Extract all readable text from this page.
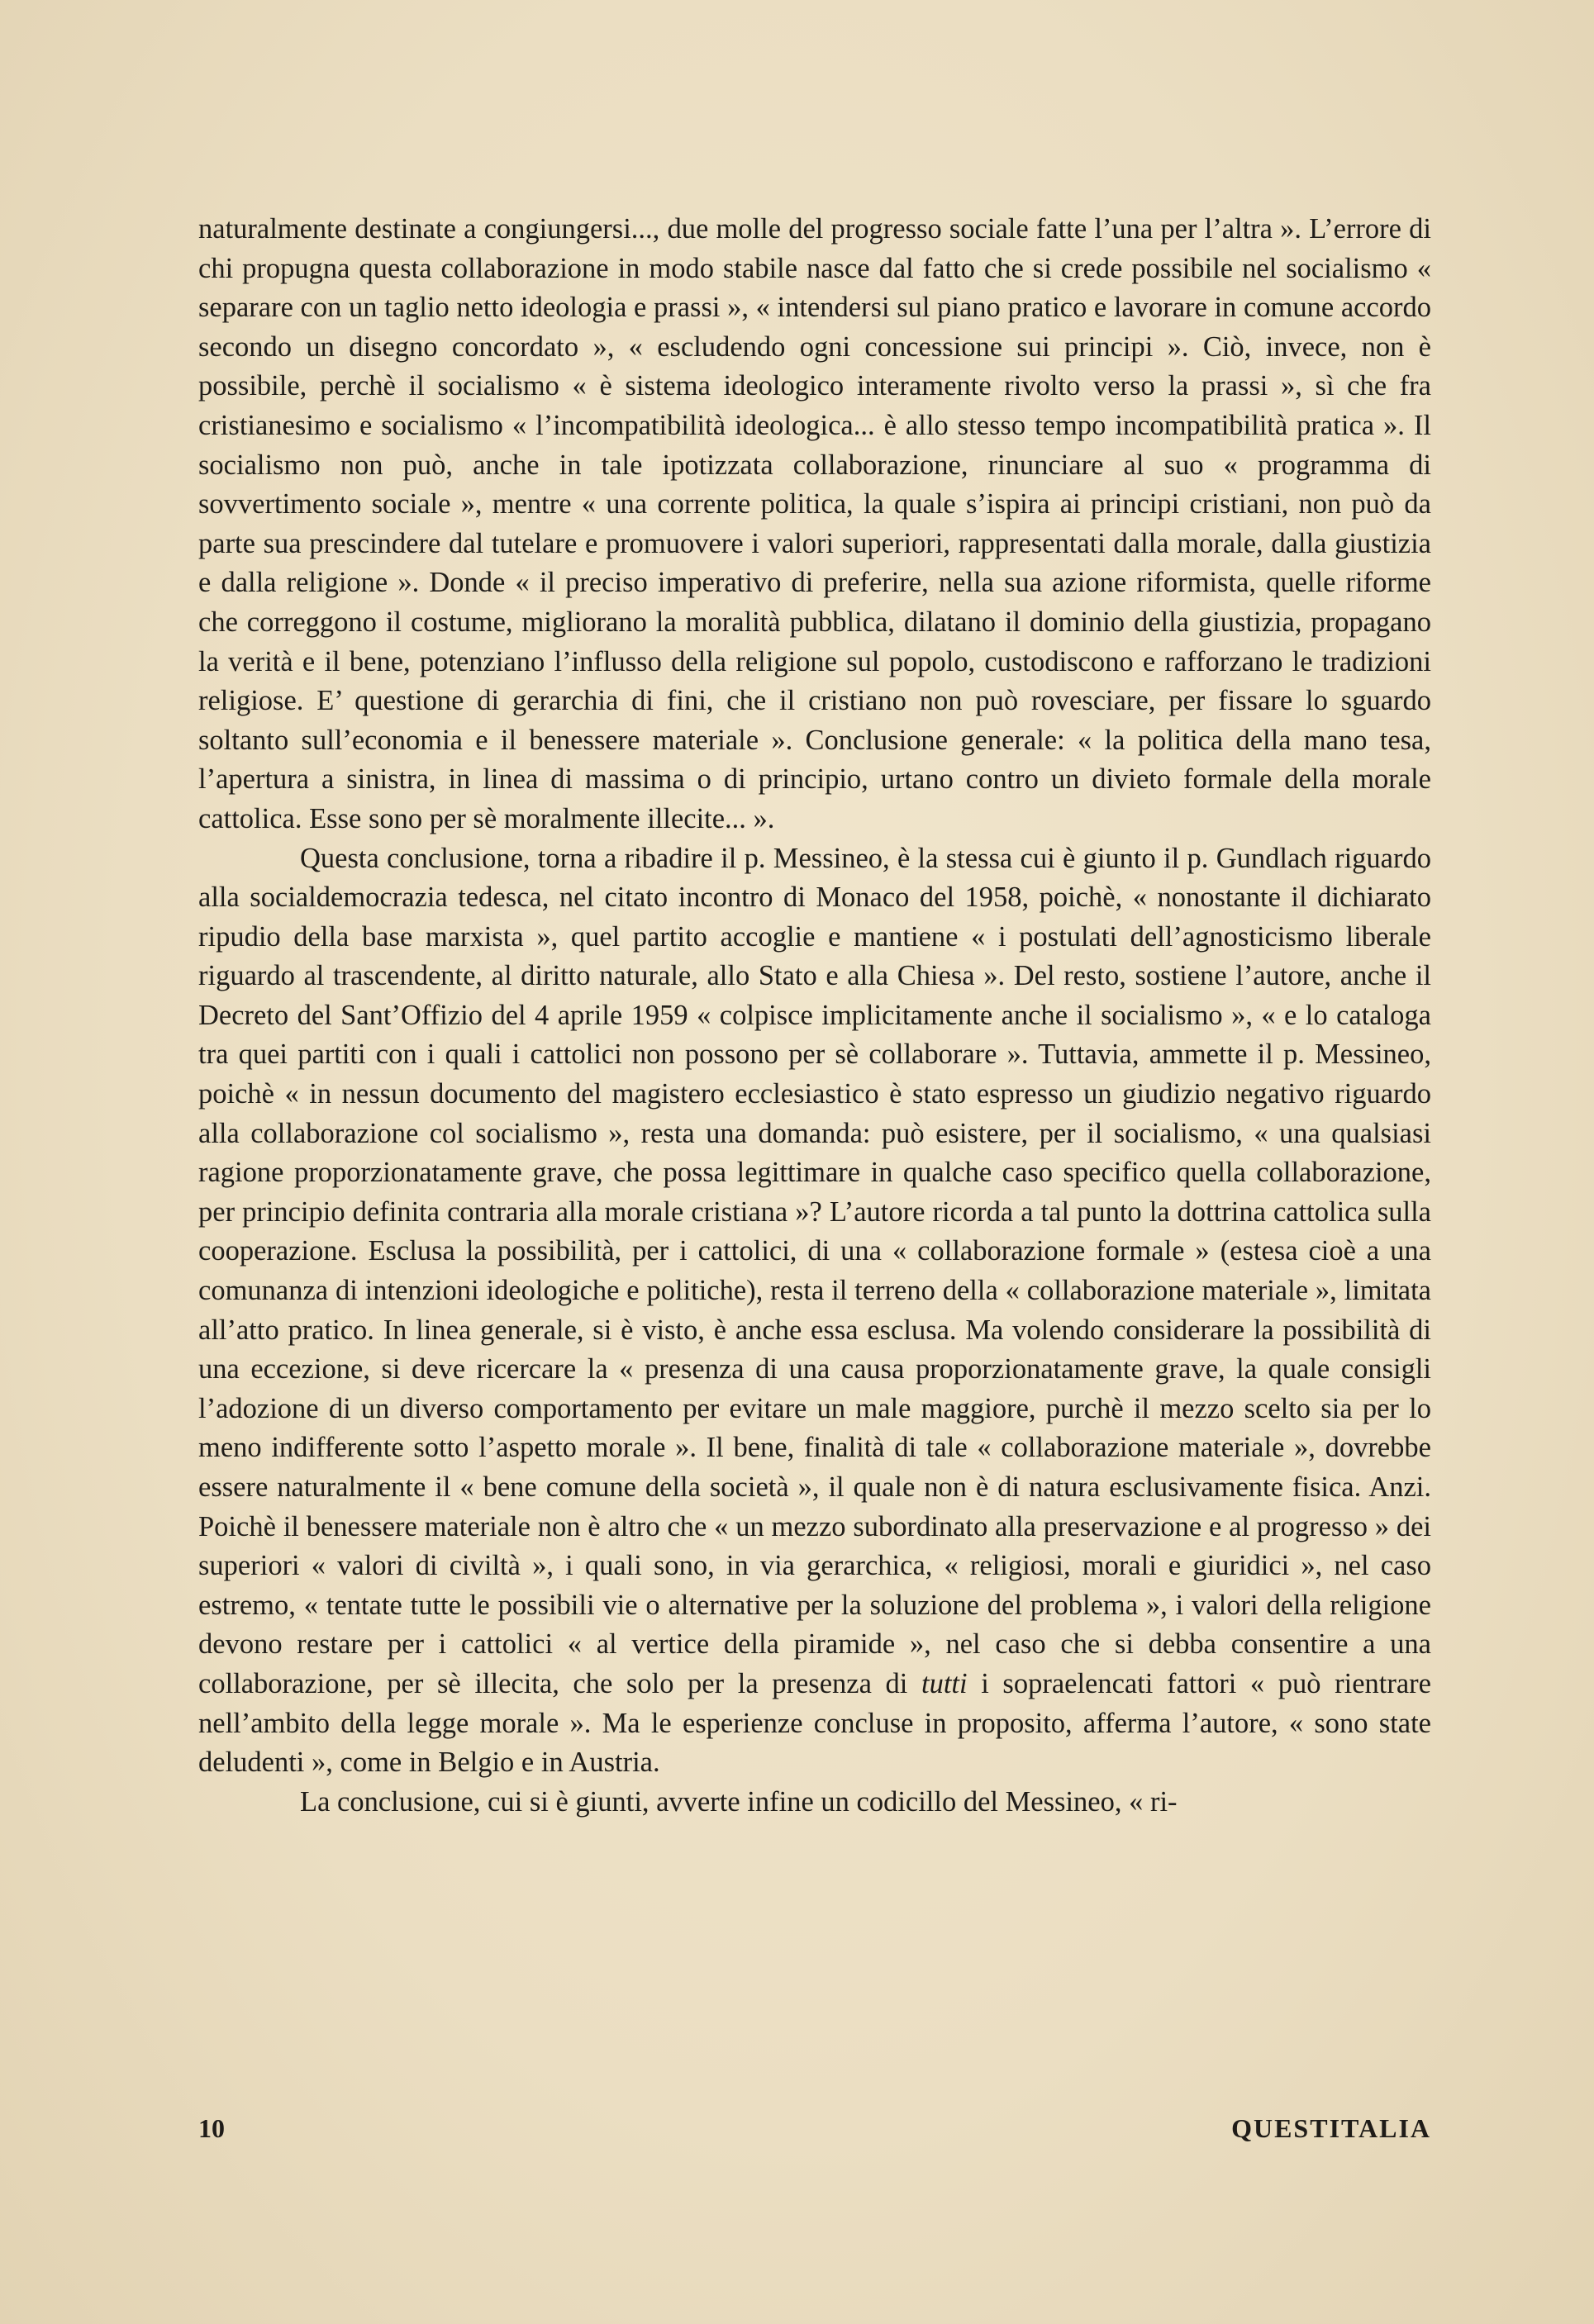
naturalmente destinate a congiungersi..., due molle del progresso sociale fatte l’una per l’altra ». L’errore di chi propugna questa collaborazione in modo stabile nasce dal fatto che si crede possibile nel socialismo « separare con un taglio netto ideologia e prassi », « intendersi sul piano pratico e lavorare in comune accordo secondo un disegno concordato », « escludendo ogni concessione sui principi ». Ciò, invece, non è possibile, perchè il socialismo « è sistema ideologico interamente rivolto verso la prassi », sì che fra cristianesimo e socialismo « l’incompatibilità ideologica... è allo stesso tempo incompatibilità pratica ». Il socialismo non può, anche in tale ipotizzata collaborazione, rinunciare al suo « programma di sovvertimento sociale », mentre « una corrente politica, la quale s’ispira ai principi cristiani, non può da parte sua prescindere dal tutelare e promuovere i valori superiori, rappresentati dalla morale, dalla giustizia e dalla religione ». Donde « il preciso imperativo di preferire, nella sua azione riformista, quelle riforme che correggono il costume, migliorano la moralità pubblica, dilatano il dominio della giustizia, propagano la verità e il bene, potenziano l’influsso della religione sul popolo, custodiscono e rafforzano le tradizioni religiose. E’ questione di gerarchia di fini, che il cristiano non può rovesciare, per fissare lo sguardo soltanto sull’economia e il benessere materiale ». Conclusione generale: « la politica della mano tesa, l’apertura a sinistra, in linea di massima o di principio, urtano contro un divieto formale della morale cattolica. Esse sono per sè moralmente illecite... ».

Questa conclusione, torna a ribadire il p. Messineo, è la stessa cui è giunto il p. Gundlach riguardo alla socialdemocrazia tedesca, nel citato incontro di Monaco del 1958, poichè, « nonostante il dichiarato ripudio della base marxista », quel partito accoglie e mantiene « i postulati dell’agnosticismo liberale riguardo al trascendente, al diritto naturale, allo Stato e alla Chiesa ». Del resto, sostiene l’autore, anche il Decreto del Sant’Offizio del 4 aprile 1959 « colpisce implicitamente anche il socialismo », « e lo cataloga tra quei partiti con i quali i cattolici non possono per sè collaborare ». Tuttavia, ammette il p. Messineo, poichè « in nessun documento del magistero ecclesiastico è stato espresso un giudizio negativo riguardo alla collaborazione col socialismo », resta una domanda: può esistere, per il socialismo, « una qualsiasi ragione proporzionatamente grave, che possa legittimare in qualche caso specifico quella collaborazione, per principio definita contraria alla morale cristiana »? L’autore ricorda a tal punto la dottrina cattolica sulla cooperazione. Esclusa la possibilità, per i cattolici, di una « collaborazione formale » (estesa cioè a una comunanza di intenzioni ideologiche e politiche), resta il terreno della « collaborazione materiale », limitata all’atto pratico. In linea generale, si è visto, è anche essa esclusa. Ma volendo considerare la possibilità di una eccezione, si deve ricercare la « presenza di una causa proporzionatamente grave, la quale consigli l’adozione di un diverso comportamento per evitare un male maggiore, purchè il mezzo scelto sia per lo meno indifferente sotto l’aspetto morale ». Il bene, finalità di tale « collaborazione materiale », dovrebbe essere naturalmente il « bene comune della società », il quale non è di natura esclusivamente fisica. Anzi. Poichè il benessere materiale non è altro che « un mezzo subordinato alla preservazione e al progresso » dei superiori « valori di civiltà », i quali sono, in via gerarchica, « religiosi, morali e giuridici », nel caso estremo, « tentate tutte le possibili vie o alternative per la soluzione del problema », i valori della religione devono restare per i cattolici « al vertice della piramide », nel caso che si debba consentire a una collaborazione, per sè illecita, che solo per la presenza di tutti i sopraelencati fattori « può rientrare nell’ambito della legge morale ». Ma le esperienze concluse in proposito, afferma l’autore, « sono state deludenti », come in Belgio e in Austria.

La conclusione, cui si è giunti, avverte infine un codicillo del Messineo, « ri-

10	QUESTITALIA
